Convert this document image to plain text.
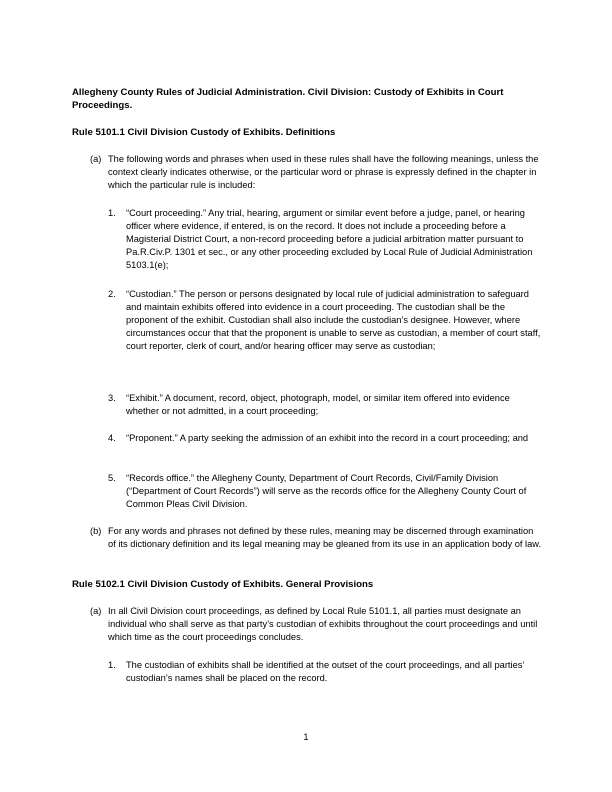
Allegheny County Rules of Judicial Administration. Civil Division: Custody of Exhibits in Court Proceedings.

Rule 5101.1 Civil Division Custody of Exhibits. Definitions

(a) The following words and phrases when used in these rules shall have the following meanings, unless the context clearly indicates otherwise, or the particular word or phrase is expressly defined in the chapter in which the particular rule is included:

1. “Court proceeding.” Any trial, hearing, argument or similar event before a judge, panel, or hearing officer where evidence, if entered, is on the record. It does not include a proceeding before a Magisterial District Court, a non-record proceeding before a judicial arbitration matter pursuant to Pa.R.Civ.P. 1301 et sec., or any other proceeding excluded by Local Rule of Judicial Administration 5103.1(e);

2. “Custodian.” The person or persons designated by local rule of judicial administration to safeguard and maintain exhibits offered into evidence in a court proceeding. The custodian shall be the proponent of the exhibit. Custodian shall also include the custodian’s designee. However, where circumstances occur that that the proponent is unable to serve as custodian, a member of court staff, court reporter, clerk of court, and/or hearing officer may serve as custodian;

3. “Exhibit.” A document, record, object, photograph, model, or similar item offered into evidence whether or not admitted, in a court proceeding;

4. “Proponent.” A party seeking the admission of an exhibit into the record in a court proceeding; and

5. “Records office.” the Allegheny County, Department of Court Records, Civil/Family Division (“Department of Court Records”) will serve as the records office for the Allegheny County Court of Common Pleas Civil Division.

(b) For any words and phrases not defined by these rules, meaning may be discerned through examination of its dictionary definition and its legal meaning may be gleaned from its use in an application body of law.

Rule 5102.1 Civil Division Custody of Exhibits. General Provisions

(a) In all Civil Division court proceedings, as defined by Local Rule 5101.1, all parties must designate an individual who shall serve as that party’s custodian of exhibits throughout the court proceedings and until which time as the court proceedings concludes.

1. The custodian of exhibits shall be identified at the outset of the court proceedings, and all parties’ custodian’s names shall be placed on the record.

1
